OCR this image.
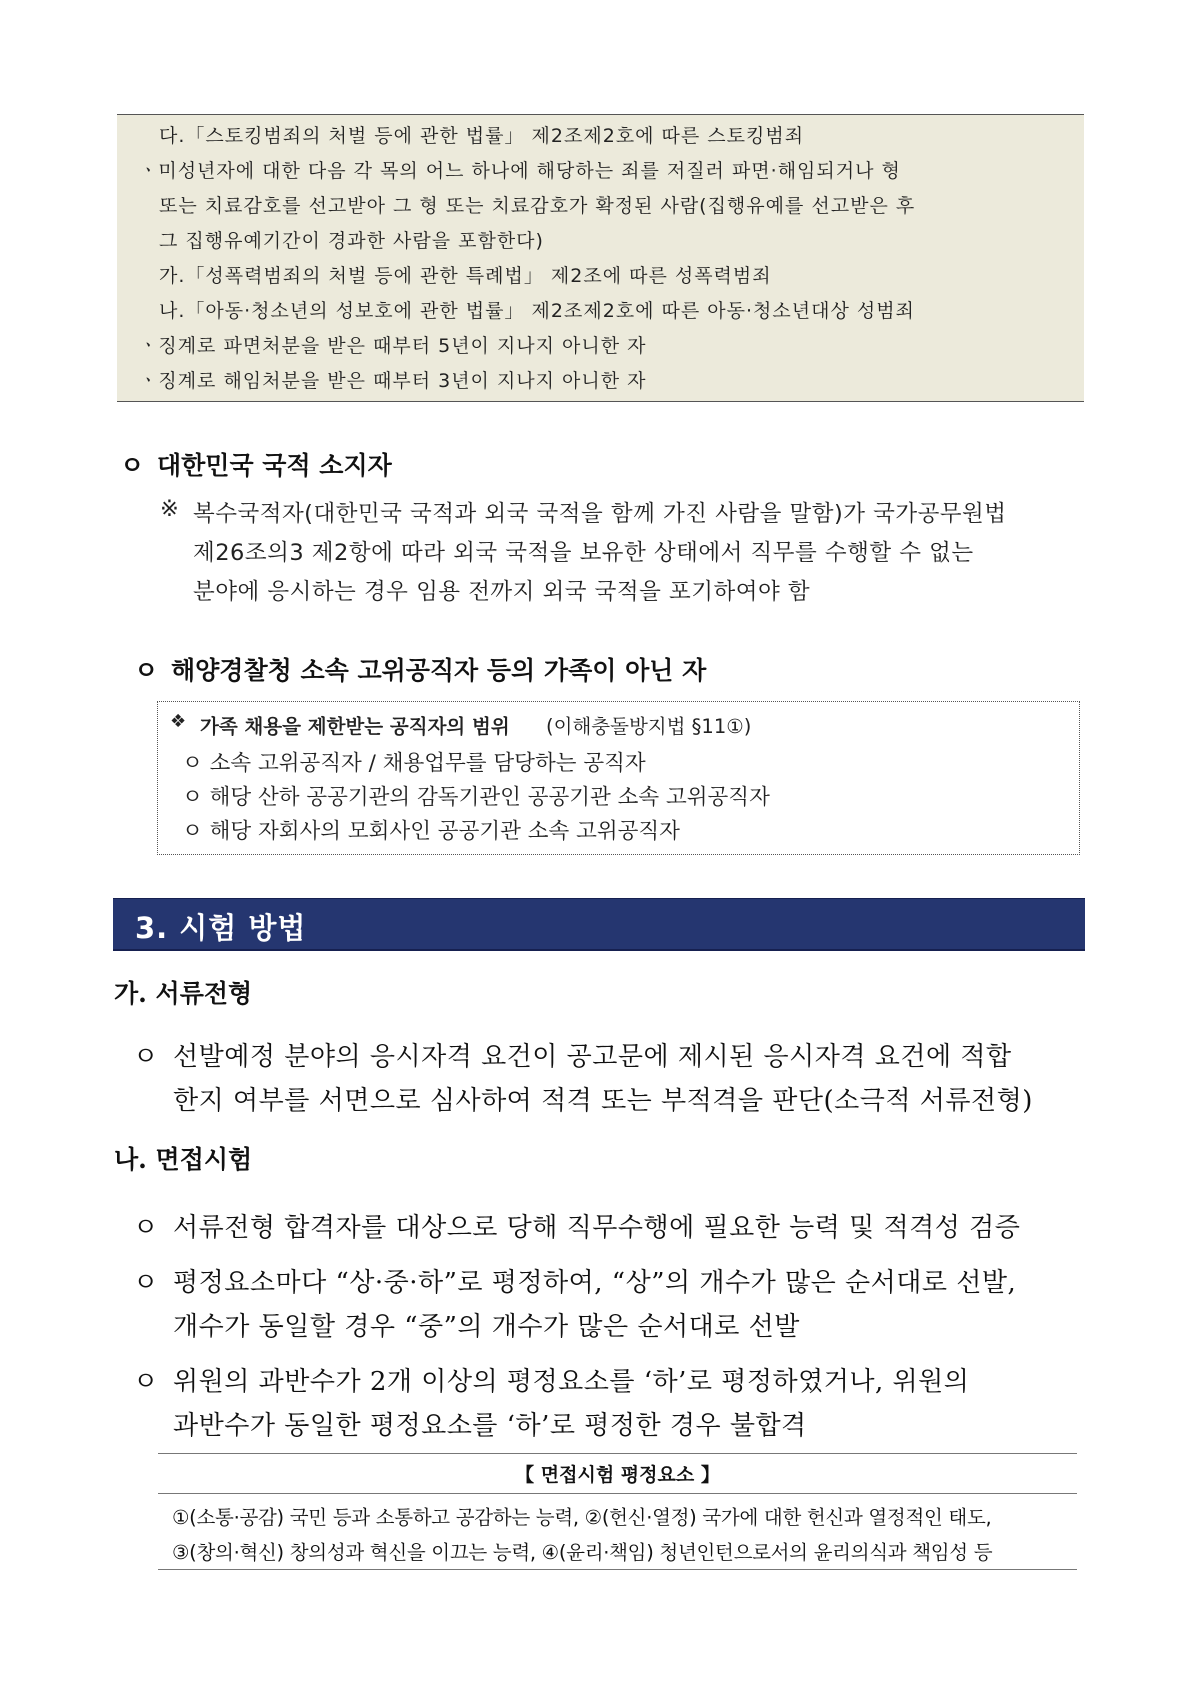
다.「스토킹범죄의 처벌 등에 관한 법률」 제2조제2호에 따른 스토킹범죄
ㆍ미성년자에 대한 다음 각 목의 어느 하나에 해당하는 죄를 저질러 파면·해임되거나 형
또는 치료감호를 선고받아 그 형 또는 치료감호가 확정된 사람(집행유예를 선고받은 후
그 집행유예기간이 경과한 사람을 포함한다)
가.「성폭력범죄의 처벌 등에 관한 특례법」 제2조에 따른 성폭력범죄
나.「아동·청소년의 성보호에 관한 법률」 제2조제2호에 따른 아동·청소년대상 성범죄
ㆍ징계로 파면처분을 받은 때부터 5년이 지나지 아니한 자
ㆍ징계로 해임처분을 받은 때부터 3년이 지나지 아니한 자
ㅇ 대한민국 국적 소지자
※ 복수국적자(대한민국 국적과 외국 국적을 함께 가진 사람을 말함)가 국가공무원법
제26조의3 제2항에 따라 외국 국적을 보유한 상태에서 직무를 수행할 수 없는
분야에 응시하는 경우 임용 전까지 외국 국적을 포기하여야 함
ㅇ 해양경찰청 소속 고위공직자 등의 가족이 아닌 자
❖ 가족 채용을 제한받는 공직자의 범위 (이해충돌방지법 §11①)
ㅇ 소속 고위공직자 / 채용업무를 담당하는 공직자
ㅇ 해당 산하 공공기관의 감독기관인 공공기관 소속 고위공직자
ㅇ 해당 자회사의 모회사인 공공기관 소속 고위공직자
3. 시험 방법
가. 서류전형
ㅇ 선발예정 분야의 응시자격 요건이 공고문에 제시된 응시자격 요건에 적합
한지 여부를 서면으로 심사하여 적격 또는 부적격을 판단(소극적 서류전형)
나. 면접시험
ㅇ 서류전형 합격자를 대상으로 당해 직무수행에 필요한 능력 및 적격성 검증
ㅇ 평정요소마다 “상·중·하”로 평정하여, “상”의 개수가 많은 순서대로 선발,
개수가 동일할 경우 “중”의 개수가 많은 순서대로 선발
ㅇ 위원의 과반수가 2개 이상의 평정요소를 ‘하’로 평정하였거나, 위원의
과반수가 동일한 평정요소를 ‘하’로 평정한 경우 불합격
【 면접시험 평정요소 】
①(소통·공감) 국민 등과 소통하고 공감하는 능력, ②(헌신·열정) 국가에 대한 헌신과 열정적인 태도,
③(창의·혁신) 창의성과 혁신을 이끄는 능력, ④(윤리·책임) 청년인턴으로서의 윤리의식과 책임성 등
